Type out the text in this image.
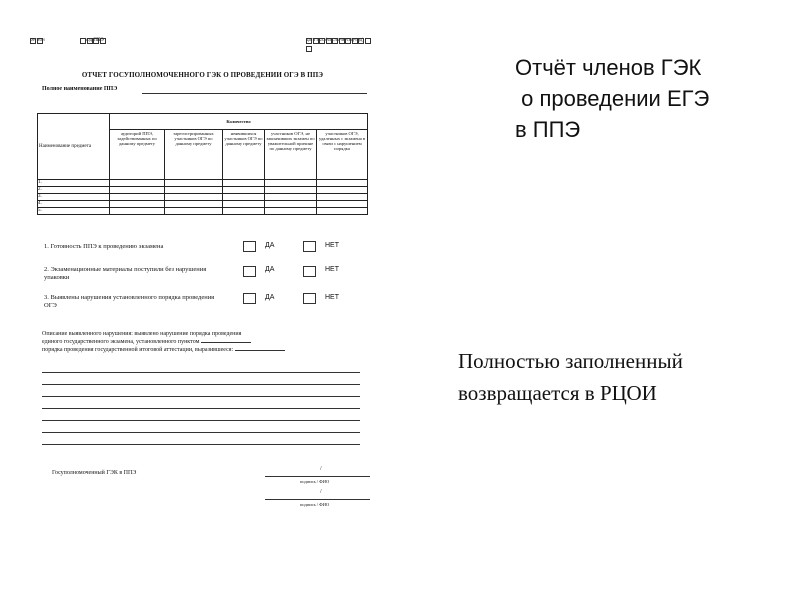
регион	код ППЭ	дата экз. (число-месяц-год)
ОТЧЕТ ГОСУПОЛНОМОЧЕННОГО ГЭК О ПРОВЕДЕНИИ ОГЭ В ППЭ
Полное наименование ППЭ
Наименование предмета	Количество				
	аудиторий ППЭ, задействованных по данному предмету	зарегистрированных участников ОГЭ по данному предмету	неявившихся участников ОГЭ по данному предмету	участников ОГЭ, не закончивших экзамен по уважительной причине по данному предмету	участников ОГЭ, удаленных с экзамена в связи с нарушением порядка
1.					
2.					
3.					
4.					
5.					
1. Готовность ППЭ к проведению экзамена	ДА	НЕТ
2. Экзаменационные материалы поступили без нарушения упаковки
ДА	НЕТ
3. Выявлены нарушения установленного порядка проведения ОГЭ
ДА	НЕТ
Описание выявленного нарушения: выявлено нарушение порядка проведения
единого государственного экзамена, установленного пунктом
порядка проведения государственной итоговой аттестации, выразившееся:
Госуполномоченный ГЭК в ППЭ
/
подпись / ФИО
/
подпись / ФИО
Отчёт членов ГЭК
о проведении ЕГЭ
в ППЭ
Полностью заполненный
возвращается в РЦОИ
